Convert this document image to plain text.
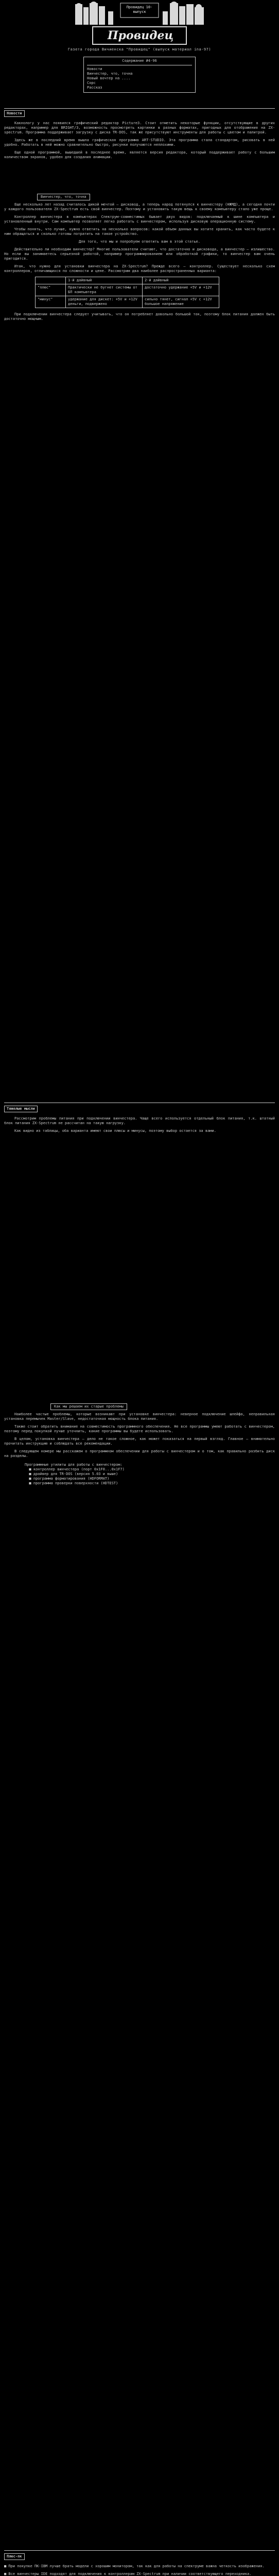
Провидец 10-выпуск
Провидец
Газета города Вичиенска "Провидец" (выпуск материал ina-97)
Содержание #4-96
Новости
Винчестер, что, точна
Новый вочтер на ....
Сорс
Рассказ
Новости

Какнологу у нас появился графический редактор Picture3. Стоит отметить некоторые функции, отсутствующие в других редакторах, например для BRIGHT/3, возможность просмотреть картинки в разных форматах, пригодных для отображения на ZX-spectrum. Программа поддерживает загрузку с диска TR-DOS, так же присутствуют инструменты для работы с цветом и палитрой.

Здесь же в последний время вышла графическая программа ART-STUDIO. Эта программа стала стандартом, рисовать в ней удобно. Работать в ней можно сравнительно быстро, рисунки получаются неплохими.

Еще одной программой, вышедшей в последнее время, является версия редактора, который поддерживает работу с большим количеством экранов, удобен для создания анимации.

Винчестер, что, точна

Еще несколько лет назад считалось дикой мечтой – дисковод, а теперь народ потянулся к винчестеру (НЖМД), а сегодня почти у каждого пользователя ZX-Spectrum есть свой винчестер. Поэтому и установить такую вещь к своему компьютеру стало уже проще.

Контроллер винчестера в компьютерах Спектрум-совместимых бывает двух видов: подключаемый к шине компьютера и установленный внутри. Сам компьютер позволяет легко работать с винчестером, используя дисковую операционную систему.

Чтобы понять, что лучше, нужно ответить на несколько вопросов: какой объем данных вы хотите хранить, как часто будете к ним обращаться и сколько готовы потратить на такое устройство.

Для того, что мы и попробуем ответить вам в этой статье.

Действительно ли необходим винчестер? Многие пользователи считают, что достаточно и дисковода, а винчестер – излишество. Но если вы занимаетесь серьезной работой, например программированием или обработкой графики, то винчестер вам очень пригодится.

Итак, что нужно для установки винчестера на ZX-Spectrum? Прежде всего – контроллер. Существует несколько схем контроллеров, отличающихся по сложности и цене. Рассмотрим два наиболее распространенных варианта:

	1-й дайвный	2-й дайвный
"плюс"	Практически не бугнет системы от БП компьютера	достаточно удержание +5V и +12V
"минус"	удержание для дискет: +5V и +12V деньги, подвержено	сильно тянет, сигнал +5V с +12V большое напряжение

При подключении винчестера следует учитывать, что он потребляет довольно большой ток, поэтому блок питания должен быть достаточно мощным.

Тяжелые мысли

Рассмотрим проблемы питания при подключении винчестера. Чаще всего используется отдельный блок питания, т.к. штатный блок питания ZX-Spectrum не рассчитан на такую нагрузку.

Как видно из таблицы, оба варианта имеют свои плюсы и минусы, поэтому выбор остается за вами.

Как мы решаем их старые проблемы

Наиболее частые проблемы, которые возникают при установке винчестера: неверное подключение шлейфа, неправильная установка перемычек Master/Slave, недостаточная мощность блока питания.

Также стоит обратить внимание на совместимость программного обеспечения. Не все программы умеют работать с винчестером, поэтому перед покупкой лучше уточнить, какие программы вы будете использовать.

В целом, установка винчестера – дело не такое сложное, как может показаться на первый взгляд. Главное – внимательно прочитать инструкцию и соблюдать все рекомендации.

В следующем номере мы расскажем о программном обеспечении для работы с винчестером и о том, как правильно разбить диск на разделы.

Программные утилиты для работы с винчестером:
■ контроллер винчестера (порт 0x1F0...0x1F7)
■ драйвер для TR-DOS (версия 5.03 и выше)
■ программа форматирования (HDFORMAT)
■ программа проверки поверхности (HDTEST)
Плюс-пк

■ При покупке ПК-IBM лучше брать модели с хорошим монитором, так как для работы на спектруме важна четкость изображения.

■ Все винчестеры IDE подходят для подключения к контроллерам ZX-Spectrum при наличии соответствующего переходника.
